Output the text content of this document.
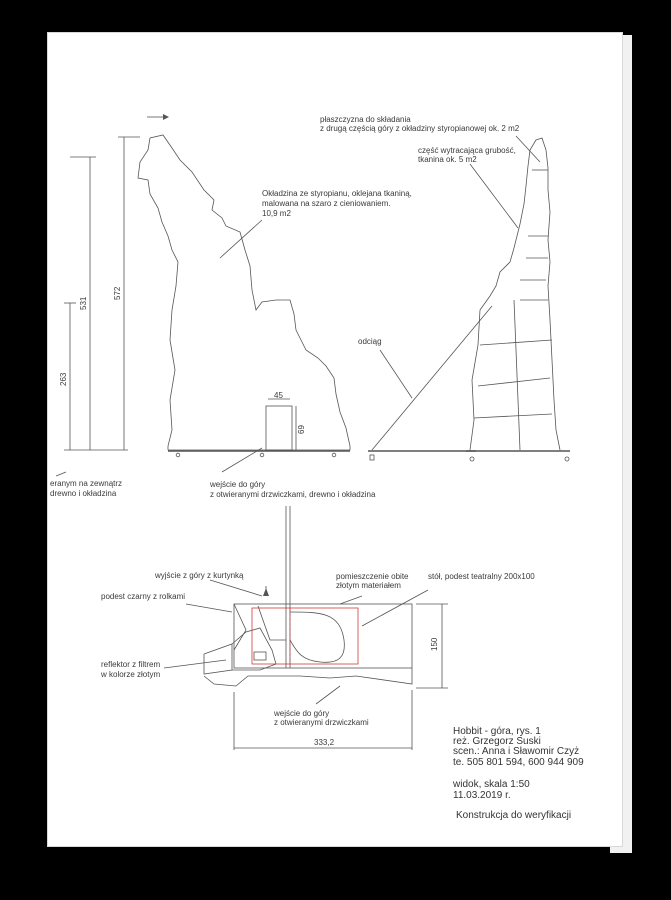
płaszczyzna do składania
z drugą częścią góry z okładziny styropianowej ok. 2 m2
część wytracająca grubość,
tkanina ok. 5 m2
Okładzina ze styropianu, oklejana tkaniną,
malowana na szaro z cieniowaniem.
10,9 m2
odciąg
eranym na zewnątrz
drewno i okładzina
wejście do góry
z otwieranymi drzwiczkami, drewno i okładzina
wyjście z góry z kurtynką	pomieszczenie obite
złotym materiałem
stół, podest teatralny 200x100
podest czarny z rolkami
reflektor z filtrem
w kolorze złotym
wejście do góry
z otwieranymi drzwiczkami
572
531
263
45
69
150
333,2
Hobbit - góra, rys. 1
reż. Grzegorz Suski
scen.: Anna i Sławomir Czyż
te. 505 801 594, 600 944 909
widok, skala 1:50
11.03.2019 r.
Konstrukcja do weryfikacji
